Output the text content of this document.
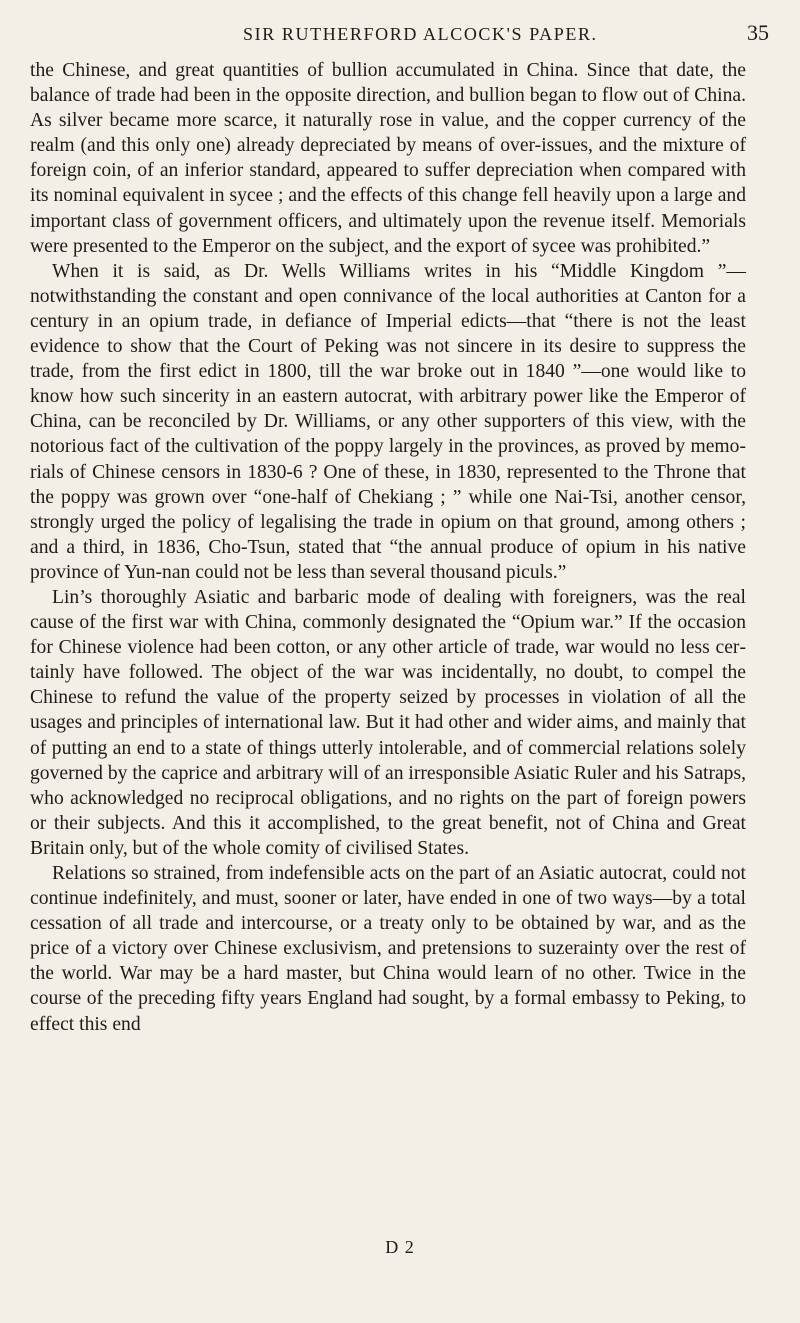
SIR RUTHERFORD ALCOCK'S PAPER.	35

the Chinese, and great quantities of bullion accumulated in China. Since that date, the balance of trade had been in the opposite direction, and bullion began to flow out of China. As silver became more scarce, it naturally rose in value, and the copper currency of the realm (and this only one) already depreciated by means of over-issues, and the mixture of foreign coin, of an inferior standard, appeared to suffer depreciation when compared with its nominal equivalent in sycee ; and the effects of this change fell heavily upon a large and important class of government officers, and ultimately upon the revenue itself. Memorials were presented to the Emperor on the subject, and the export of sycee was prohibited.”

When it is said, as Dr. Wells Williams writes in his “Middle Kingdom ”—notwithstanding the constant and open connivance of the local authorities at Canton for a century in an opium trade, in defiance of Imperial edicts—that “there is not the least evidence to show that the Court of Peking was not sincere in its desire to suppress the trade, from the first edict in 1800, till the war broke out in 1840 ”—one would like to know how such sincerity in an eastern autocrat, with arbitrary power like the Emperor of China, can be reconciled by Dr. Williams, or any other supporters of this view, with the notorious fact of the cultivation of the poppy largely in the provinces, as proved by memorials of Chinese censors in 1830-6 ? One of these, in 1830, represented to the Throne that the poppy was grown over “one-half of Chekiang ; ” while one Nai-Tsi, another censor, strongly urged the policy of legalising the trade in opium on that ground, among others ; and a third, in 1836, Cho-Tsun, stated that “the annual produce of opium in his native province of Yun-nan could not be less than several thousand piculs.”

Lin’s thoroughly Asiatic and barbaric mode of dealing with foreigners, was the real cause of the first war with China, commonly designated the “Opium war.” If the occasion for Chinese violence had been cotton, or any other article of trade, war would no less certainly have followed. The object of the war was incidentally, no doubt, to compel the Chinese to refund the value of the property seized by processes in violation of all the usages and principles of international law. But it had other and wider aims, and mainly that of putting an end to a state of things utterly intolerable, and of commercial relations solely governed by the caprice and arbitrary will of an irresponsible Asiatic Ruler and his Satraps, who acknowledged no reciprocal obligations, and no rights on the part of foreign powers or their subjects. And this it accomplished, to the great benefit, not of China and Great Britain only, but of the whole comity of civilised States.

Relations so strained, from indefensible acts on the part of an Asiatic autocrat, could not continue indefinitely, and must, sooner or later, have ended in one of two ways—by a total cessation of all trade and intercourse, or a treaty only to be obtained by war, and as the price of a victory over Chinese exclusivism, and pretensions to suzerainty over the rest of the world. War may be a hard master, but China would learn of no other. Twice in the course of the preceding fifty years England had sought, by a formal embassy to Peking, to effect this end

D 2
